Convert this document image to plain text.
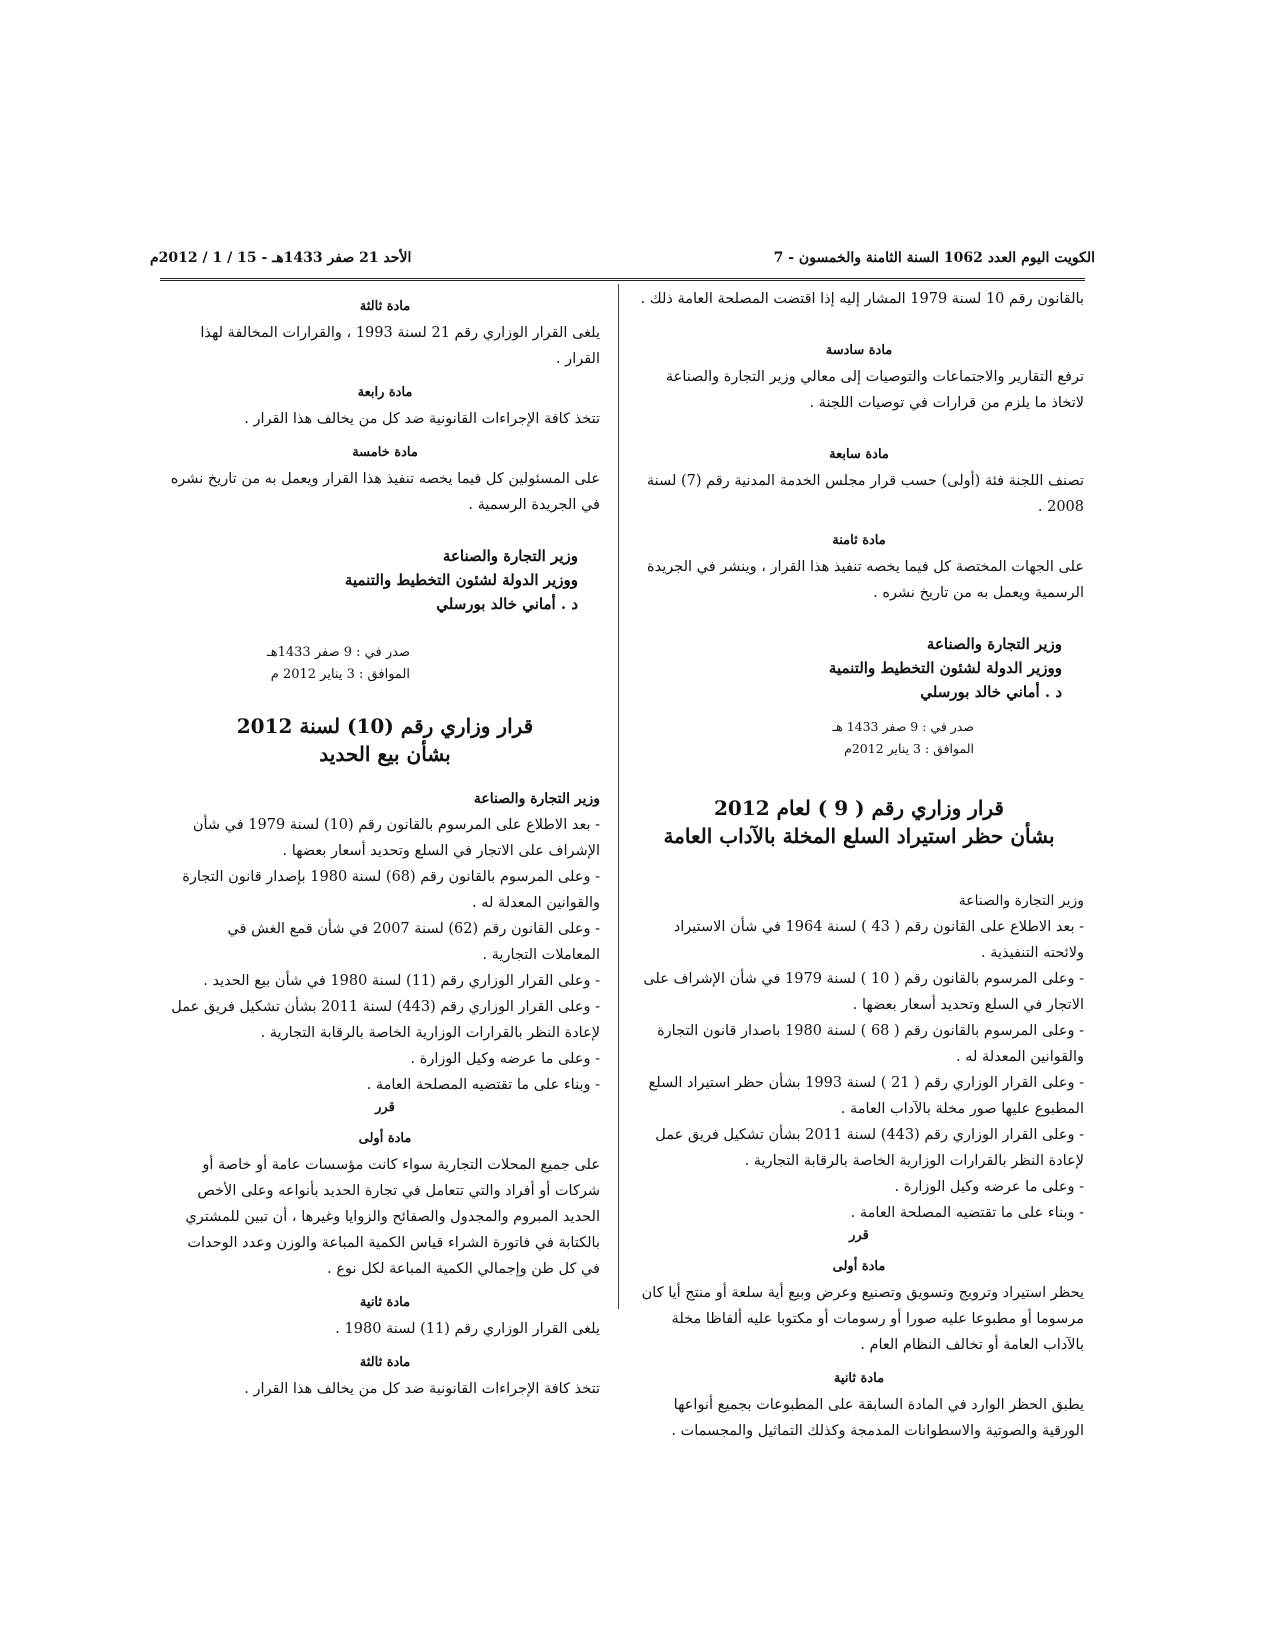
الكويت اليوم العدد 1062 السنة الثامنة والخمسون - 7
الأحد 21 صفر 1433هـ - 15 / 1 / 2012م

بالقانون رقم 10 لسنة 1979 المشار إليه إذا اقتضت المصلحة العامة ذلك .

مادة سادسة

ترفع التقارير والاجتماعات والتوصيات إلى معالي وزير التجارة والصناعة لاتخاذ ما يلزم من قرارات في توصيات اللجنة .

مادة سابعة

تصنف اللجنة فئة (أولى) حسب قرار مجلس الخدمة المدنية رقم (7) لسنة 2008 .

مادة ثامنة

على الجهات المختصة كل فيما يخصه تنفيذ هذا القرار ، وينشر في الجريدة الرسمية ويعمل به من تاريخ نشره .

وزير التجارة والصناعة
ووزير الدولة لشئون التخطيط والتنمية
د . أماني خالد بورسلي
صدر في : 9 صفر 1433 هـ
الموافق : 3 يناير 2012م
قرار وزاري رقم ( 9 ) لعام 2012
بشأن حظر استيراد السلع المخلة بالآداب العامة
وزير التجارة والصناعة

- بعد الاطلاع على القانون رقم ( 43 ) لسنة 1964 في شأن الاستيراد ولائحته التنفيذية .

- وعلى المرسوم بالقانون رقم ( 10 ) لسنة 1979 في شأن الإشراف على الاتجار في السلع وتحديد أسعار بعضها .

- وعلى المرسوم بالقانون رقم ( 68 ) لسنة 1980 باصدار قانون التجارة والقوانين المعدلة له .

- وعلى القرار الوزاري رقم ( 21 ) لسنة 1993 بشأن حظر استيراد السلع المطبوع عليها صور مخلة بالآداب العامة .

- وعلى القرار الوزاري رقم (443) لسنة 2011 بشأن تشكيل فريق عمل لإعادة النظر بالقرارات الوزارية الخاصة بالرقابة التجارية .

- وعلى ما عرضه وكيل الوزارة .

- وبناء على ما تقتضيه المصلحة العامة .

قرر
مادة أولى

يحظر استيراد وترويج وتسويق وتصنيع وعرض وبيع أية سلعة أو منتج أيا كان مرسوما أو مطبوعا عليه صورا أو رسومات أو مكتوبا عليه ألفاظا مخلة بالآداب العامة أو تخالف النظام العام .

مادة ثانية

يطبق الحظر الوارد في المادة السابقة على المطبوعات بجميع أنواعها الورقية والصوتية والاسطوانات المدمجة وكذلك التماثيل والمجسمات .

مادة ثالثة

يلغى القرار الوزاري رقم 21 لسنة 1993 ، والقرارات المخالفة لهذا القرار .

مادة رابعة

تتخذ كافة الإجراءات القانونية ضد كل من يخالف هذا القرار .

مادة خامسة

على المسئولين كل فيما يخصه تنفيذ هذا القرار ويعمل به من تاريخ نشره في الجريدة الرسمية .

وزير التجارة والصناعة
ووزير الدولة لشئون التخطيط والتنمية
د . أماني خالد بورسلي
صدر في : 9 صفر 1433هـ
الموافق : 3 يناير 2012 م
قرار وزاري رقم (10) لسنة 2012
بشأن بيع الحديد
وزير التجارة والصناعة

- بعد الاطلاع على المرسوم بالقانون رقم (10) لسنة 1979 في شأن الإشراف على الاتجار في السلع وتحديد أسعار بعضها .

- وعلى المرسوم بالقانون رقم (68) لسنة 1980 بإصدار قانون التجارة والقوانين المعدلة له .

- وعلى القانون رقم (62) لسنة 2007 في شأن قمع الغش في المعاملات التجارية .

- وعلى القرار الوزاري رقم (11) لسنة 1980 في شأن بيع الحديد .

- وعلى القرار الوزاري رقم (443) لسنة 2011 بشأن تشكيل فريق عمل لإعادة النظر بالقرارات الوزارية الخاصة بالرقابة التجارية .

- وعلى ما عرضه وكيل الوزارة .

- وبناء على ما تقتضيه المصلحة العامة .

قرر
مادة أولى

على جميع المحلات التجارية سواء كانت مؤسسات عامة أو خاصة أو شركات أو أفراد والتي تتعامل في تجارة الحديد بأنواعه وعلى الأخص الحديد المبروم والمجدول والصفائح والزوايا وغيرها ، أن تبين للمشتري بالكتابة في فاتورة الشراء قياس الكمية المباعة والوزن وعدد الوحدات في كل طن وإجمالي الكمية المباعة لكل نوع .

مادة ثانية

يلغى القرار الوزاري رقم (11) لسنة 1980 .

مادة ثالثة

تتخذ كافة الإجراءات القانونية ضد كل من يخالف هذا القرار .
